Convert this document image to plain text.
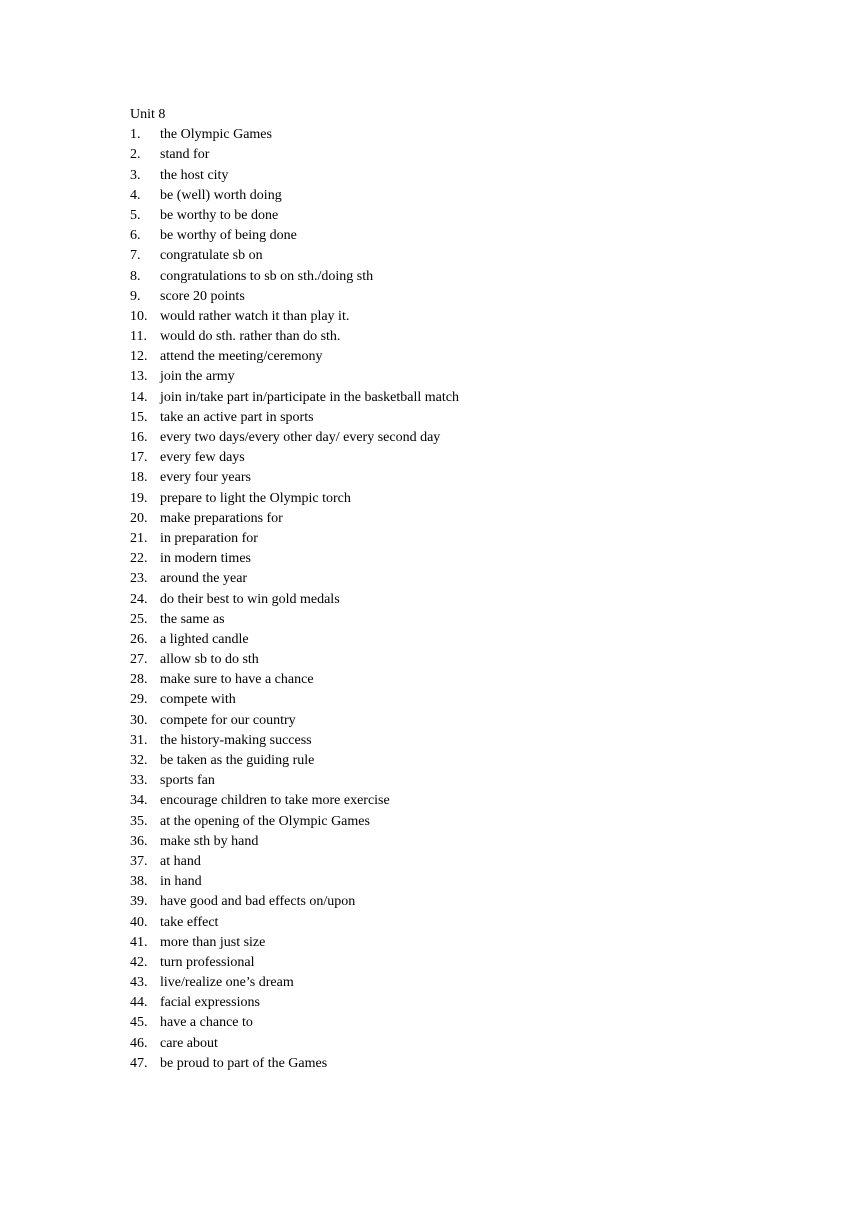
Unit 8
1.	the Olympic Games
2.	stand for
3.	the host city
4.	be (well) worth doing
5.	be worthy to be done
6.	be worthy of being done
7.	congratulate sb on
8.	congratulations to sb on sth./doing sth
9.	score 20 points
10. would rather watch it than play it.
11. would do sth. rather than do sth.
12. attend the meeting/ceremony
13. join the army
14. join in/take part in/participate in the basketball match
15. take an active part in sports
16. every two days/every other day/ every second day
17. every few days
18. every four years
19. prepare to light the Olympic torch
20. make preparations for
21. in preparation for
22. in modern times
23. around the year
24. do their best to win gold medals
25. the same as
26. a lighted candle
27. allow sb to do sth
28. make sure to have a chance
29. compete with
30. compete for our country
31. the history-making success
32. be taken as the guiding rule
33. sports fan
34. encourage children to take more exercise
35. at the opening of the Olympic Games
36. make sth by hand
37. at hand
38. in hand
39. have good and bad effects on/upon
40. take effect
41. more than just size
42. turn professional
43. live/realize one’s dream
44. facial expressions
45. have a chance to
46. care about
47. be proud to part of the Games
